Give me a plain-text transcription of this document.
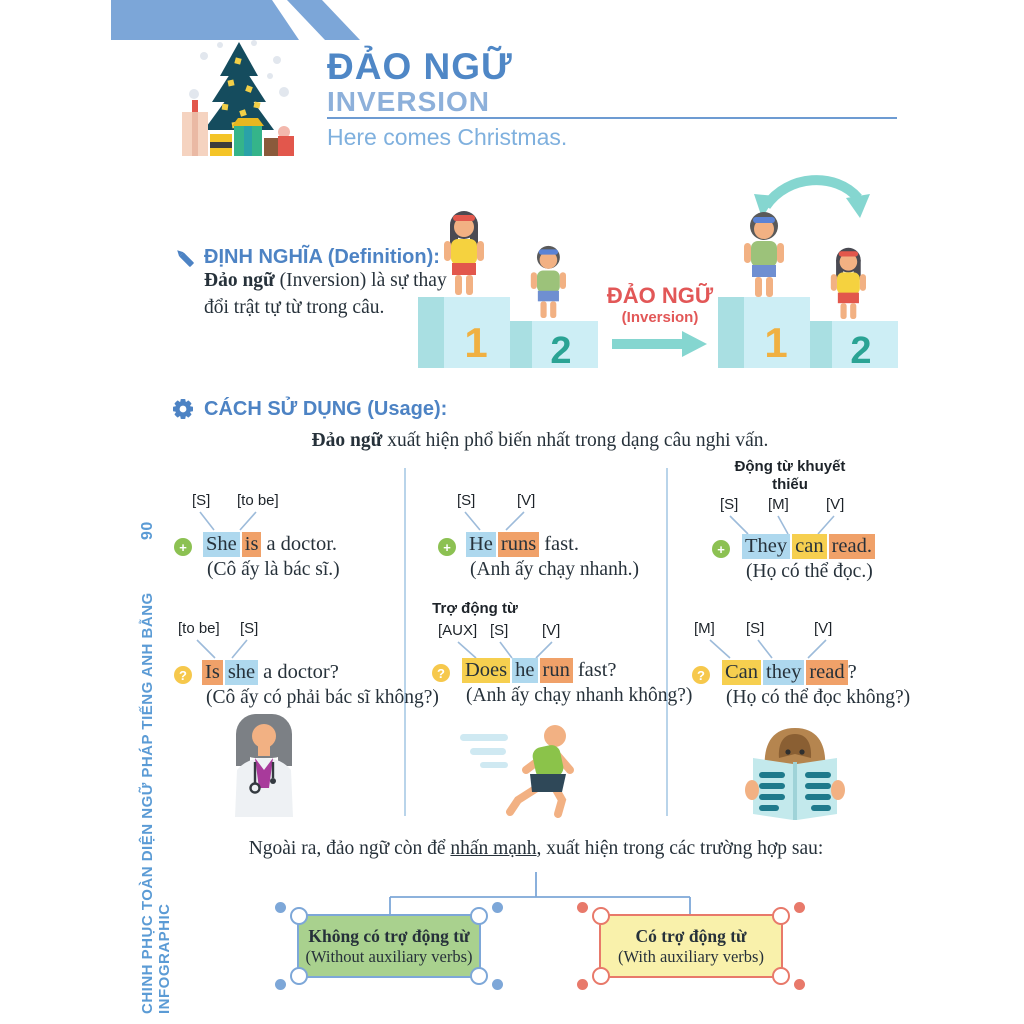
ĐẢO NGỮ
INVERSION
Here comes Christmas.
ĐỊNH NGHĨA (Definition):
Đảo ngữ (Inversion) là sự thay đổi trật tự từ trong câu.
1 2
ĐẢO NGỮ
(Inversion)
1 2
CÁCH SỬ DỤNG (Usage):
Đảo ngữ xuất hiện phổ biến nhất trong dạng câu nghi vấn.
[S] [to be]
+ She is a doctor.
(Cô ấy là bác sĩ.)
[to be] [S]
? Is she a doctor?
(Cô ấy có phải bác sĩ không?)
[S]	[V]
+ He runs fast.
(Anh ấy chạy nhanh.)
Trợ động từ
[AUX] [S] [V]
? Does he run fast?
(Anh ấy chạy nhanh không?)
Động từ khuyết thiếu
[S] [M] [V]
+ They can read.
(Họ có thể đọc.)
[M] [S]	[V]
? Can they read ?
(Họ có thể đọc không?)
Ngoài ra, đảo ngữ còn để nhấn mạnh, xuất hiện trong các trường hợp sau:
Không có trợ động từ
(Without auxiliary verbs)
Có trợ động từ
(With auxiliary verbs)
CHINH PHỤC TOÀN DIỆN NGỮ PHÁP TIẾNG ANH BẰNG INFOGRAPHIC
90
